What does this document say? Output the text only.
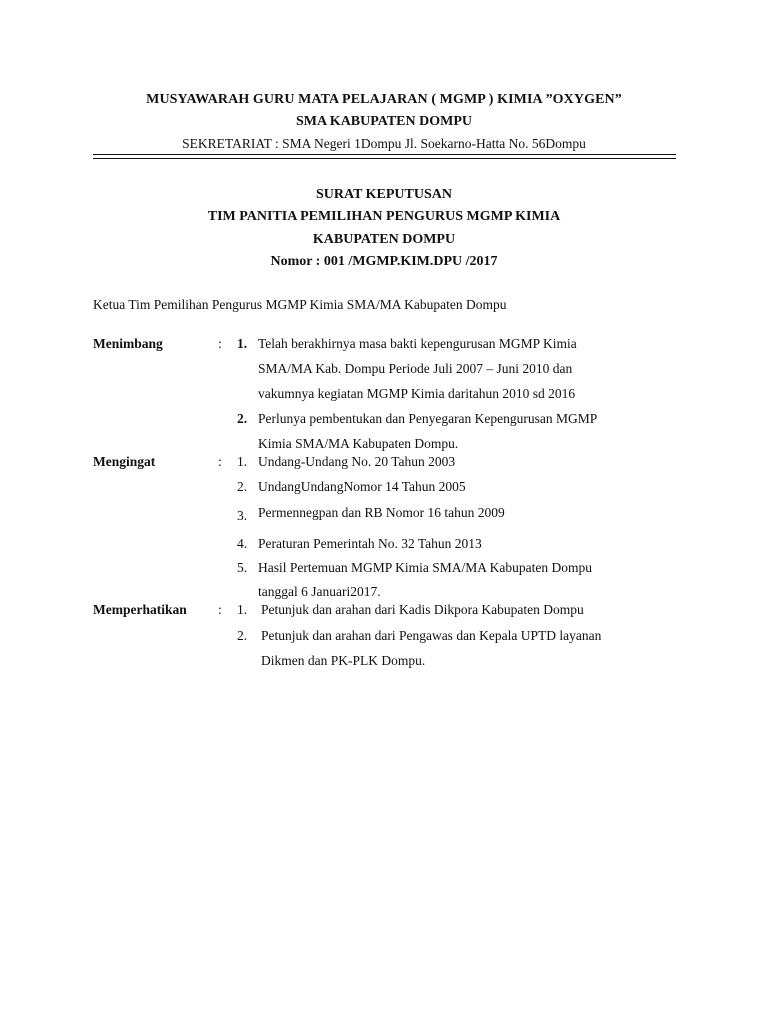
MUSYAWARAH GURU MATA PELAJARAN ( MGMP ) KIMIA ”OXYGEN”
SMA KABUPATEN DOMPU
SEKRETARIAT : SMA Negeri 1Dompu Jl. Soekarno-Hatta No. 56Dompu
SURAT KEPUTUSAN
TIM PANITIA PEMILIHAN PENGURUS MGMP KIMIA
KABUPATEN DOMPU
Nomor : 001 /MGMP.KIM.DPU /2017
Ketua Tim Pemilihan Pengurus MGMP Kimia SMA/MA Kabupaten Dompu
Menimbang	: 1. Telah berakhirnya masa bakti kepengurusan MGMP Kimia
SMA/MA Kab. Dompu Periode Juli 2007 – Juni 2010 dan
vakumnya kegiatan MGMP Kimia daritahun 2010 sd 2016
2. Perlunya pembentukan dan Penyegaran Kepengurusan MGMP
Kimia SMA/MA Kabupaten Dompu.
Mengingat	: 1. Undang-Undang No. 20 Tahun 2003
2. UndangUndangNomor 14 Tahun 2005
3. Permennegpan dan RB Nomor 16 tahun 2009
4. Peraturan Pemerintah No. 32 Tahun 2013
5. Hasil Pertemuan MGMP Kimia SMA/MA Kabupaten Dompu
tanggal 6 Januari2017.
Memperhatikan : 1. Petunjuk dan arahan dari Kadis Dikpora Kabupaten Dompu
2. Petunjuk dan arahan dari Pengawas dan Kepala UPTD layanan
Dikmen dan PK-PLK Dompu.
